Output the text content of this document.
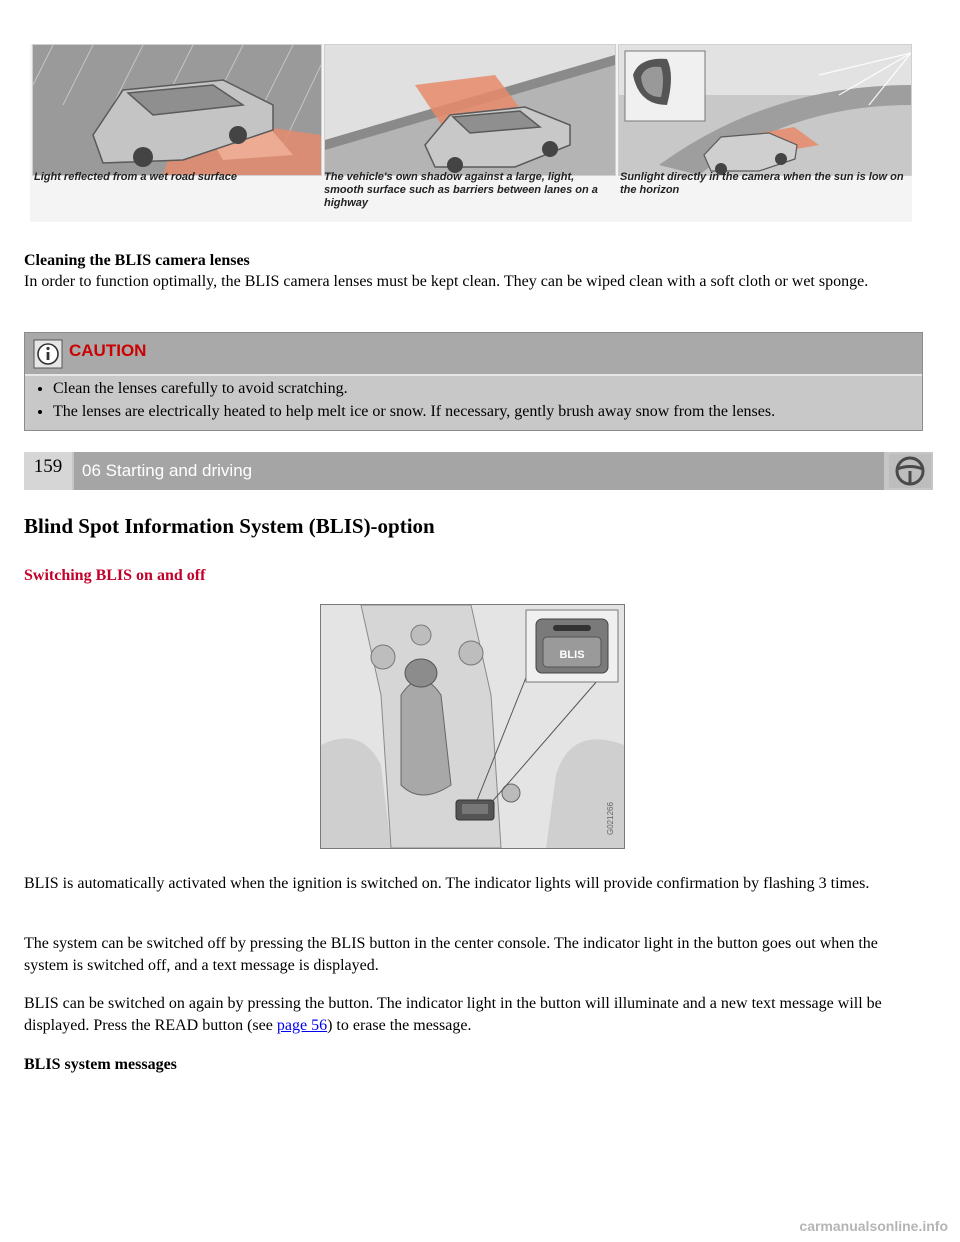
Light reflected from a wet road surface	The vehicle's own shadow against a large, light, smooth surface such as barriers between lanes on a highway
Sunlight directly in the camera when the sun is low on the horizon
Cleaning the BLIS camera lenses
In order to function optimally, the BLIS camera lenses must be kept clean. They can be wiped clean with a soft cloth or wet sponge.
CAUTION
• Clean the lenses carefully to avoid scratching.
• The lenses are electrically heated to help melt ice or snow. If necessary, gently brush away snow from the lenses.
159	06 Starting and driving
Blind Spot Information System (BLIS)-option
Switching BLIS on and off
BLIS
G021266
BLIS is automatically activated when the ignition is switched on. The indicator lights will provide confirmation by flashing 3 times.
The system can be switched off by pressing the BLIS button in the center console. The indicator light in the button goes out when the system is switched off, and a text message is displayed.
BLIS can be switched on again by pressing the button. The indicator light in the button will illuminate and a new text message will be displayed. Press the READ button (see page 56) to erase the message.
BLIS system messages
carmanualsonline.info
